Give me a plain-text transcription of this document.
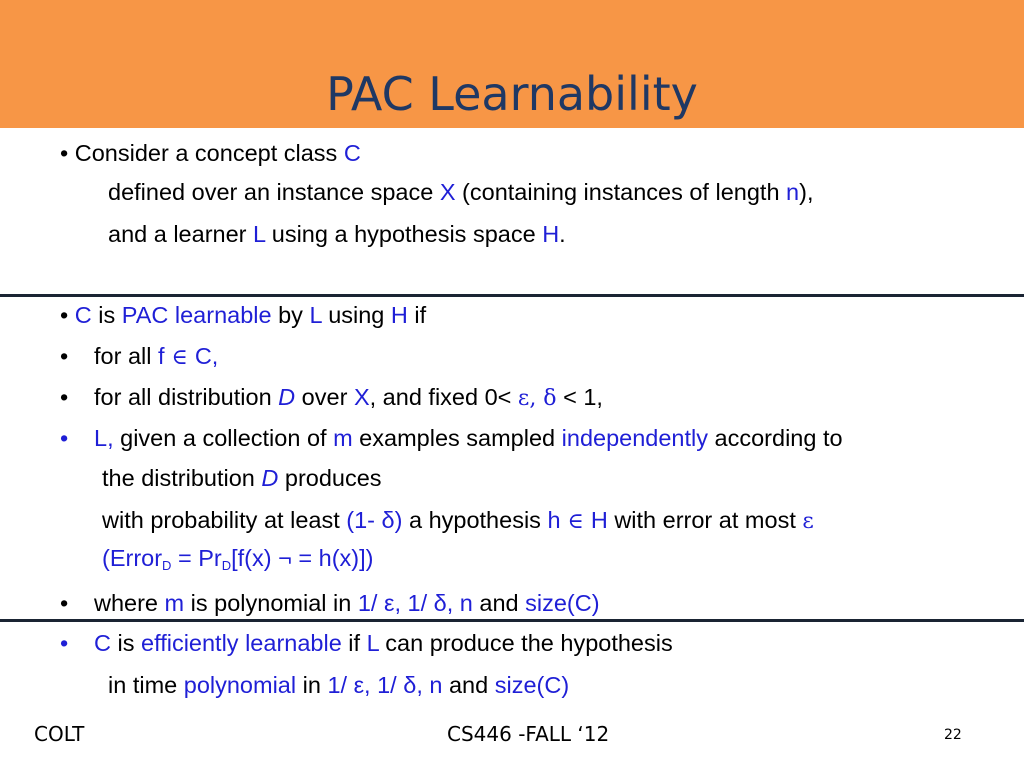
PAC Learnability
• Consider a concept class C
defined over an instance space X (containing instances of length n),
and a learner L using a hypothesis space H.
• C is PAC learnable by L using H if
• for all f ∈ C,
• for all distribution D over X, and fixed 0< ε, δ < 1,
• L, given a collection of m examples sampled independently according to
the distribution D produces
with probability at least (1- δ) a hypothesis h ∈ H with error at most ε
(Error$_D$ = $Pr_D[f(x)$ ¬ = h(x)])
• where m is polynomial in 1/ ε, 1/ δ, n and size(C)
• C is efficiently learnable if L can produce the hypothesis
in time polynomial in 1/ ε, 1/ δ, n and size(C)
COLT	CS446 -FALL ‘12	22
